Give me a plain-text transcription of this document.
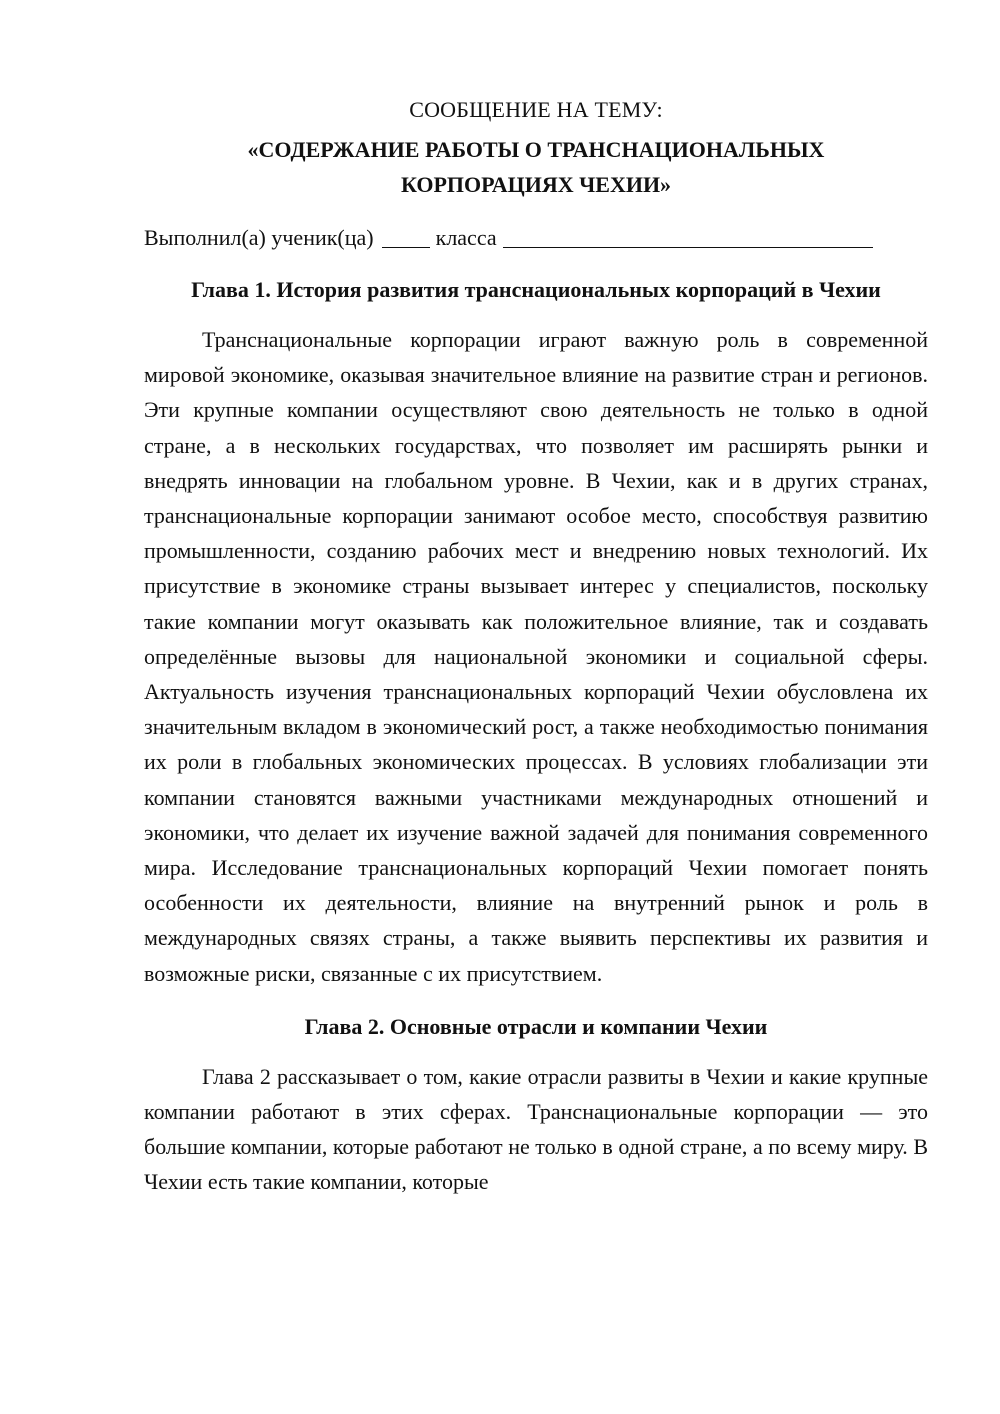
СООБЩЕНИЕ НА ТЕМУ:

«СОДЕРЖАНИЕ РАБОТЫ О ТРАНСНАЦИОНАЛЬНЫХ
КОРПОРАЦИЯХ ЧЕХИИ»

Выполнил(а) ученик(ца)	класса

Глава 1. История развития транснациональных корпораций в Чехии

Транснациональные корпорации играют важную роль в современной мировой экономике, оказывая значительное влияние на развитие стран и регионов. Эти крупные компании осуществляют свою деятельность не только в одной стране, а в нескольких государствах, что позволяет им расширять рынки и внедрять инновации на глобальном уровне. В Чехии, как и в других странах, транснациональные корпорации занимают особое место, способствуя развитию промышленности, созданию рабочих мест и внедрению новых технологий. Их присутствие в экономике страны вызывает интерес у специалистов, поскольку такие компании могут оказывать как положительное влияние, так и создавать определённые вызовы для национальной экономики и социальной сферы. Актуальность изучения транснациональных корпораций Чехии обусловлена их значительным вкладом в экономический рост, а также необходимостью понимания их роли в глобальных экономических процессах. В условиях глобализации эти компании становятся важными участниками международных отношений и экономики, что делает их изучение важной задачей для понимания современного мира. Исследование транснациональных корпораций Чехии помогает понять особенности их деятельности, влияние на внутренний рынок и роль в международных связях страны, а также выявить перспективы их развития и возможные риски, связанные с их присутствием.

Глава 2. Основные отрасли и компании Чехии

Глава 2 рассказывает о том, какие отрасли развиты в Чехии и какие крупные компании работают в этих сферах. Транснациональные корпорации — это большие компании, которые работают не только в одной стране, а по всему миру. В Чехии есть такие компании, которые
